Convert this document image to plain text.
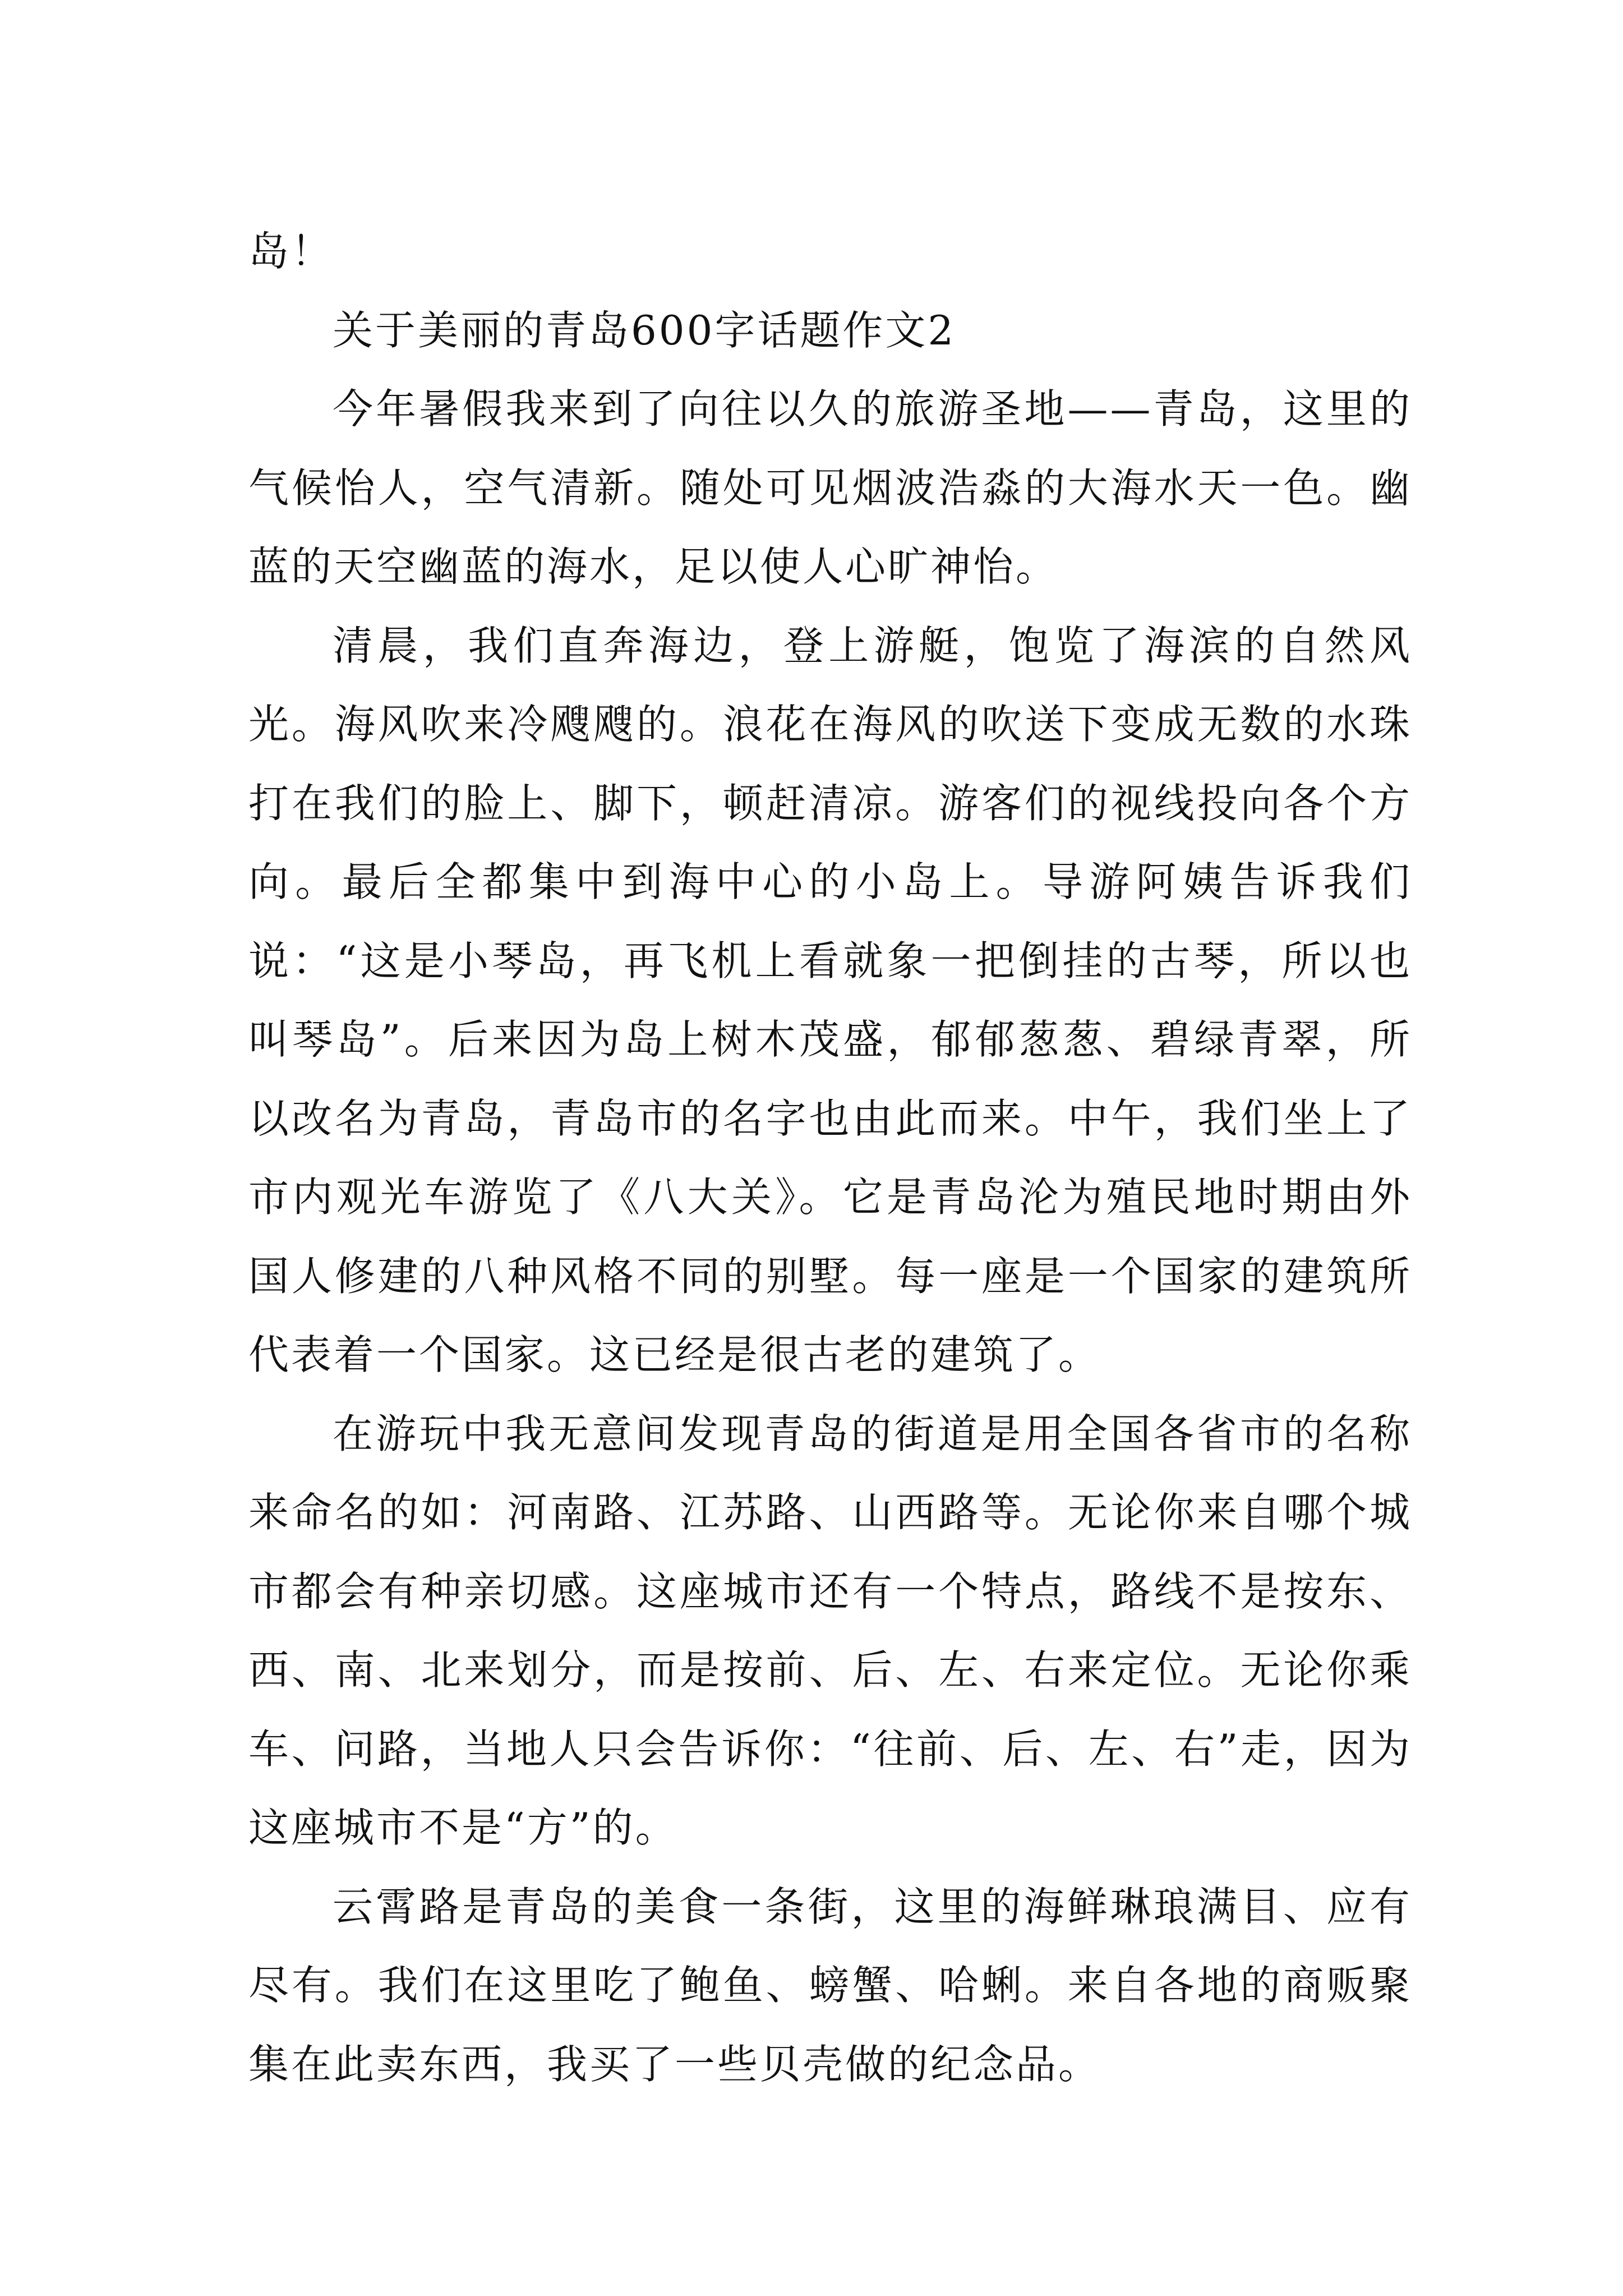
岛！

关于美丽的青岛600字话题作文2

今年暑假我来到了向往以久的旅游圣地——青岛，这里的气候怡人，空气清新。随处可见烟波浩淼的大海水天一色。幽蓝的天空幽蓝的海水，足以使人心旷神怡。

清晨，我们直奔海边，登上游艇，饱览了海滨的自然风光。海风吹来冷飕飕的。浪花在海风的吹送下变成无数的水珠打在我们的脸上、脚下，顿赶清凉。游客们的视线投向各个方向。最后全都集中到海中心的小岛上。导游阿姨告诉我们说：“这是小琴岛，再飞机上看就象一把倒挂的古琴，所以也叫琴岛”。后来因为岛上树木茂盛，郁郁葱葱、碧绿青翠，所以改名为青岛，青岛市的名字也由此而来。中午，我们坐上了市内观光车游览了《八大关》。它是青岛沦为殖民地时期由外国人修建的八种风格不同的别墅。每一座是一个国家的建筑所代表着一个国家。这已经是很古老的建筑了。

在游玩中我无意间发现青岛的街道是用全国各省市的名称来命名的如：河南路、江苏路、山西路等。无论你来自哪个城市都会有种亲切感。这座城市还有一个特点，路线不是按东、西、南、北来划分，而是按前、后、左、右来定位。无论你乘车、问路，当地人只会告诉你：“往前、后、左、右”走，因为这座城市不是“方”的。

云霄路是青岛的美食一条街，这里的海鲜琳琅满目、应有尽有。我们在这里吃了鲍鱼、螃蟹、哈蜊。来自各地的商贩聚集在此卖东西，我买了一些贝壳做的纪念品。
